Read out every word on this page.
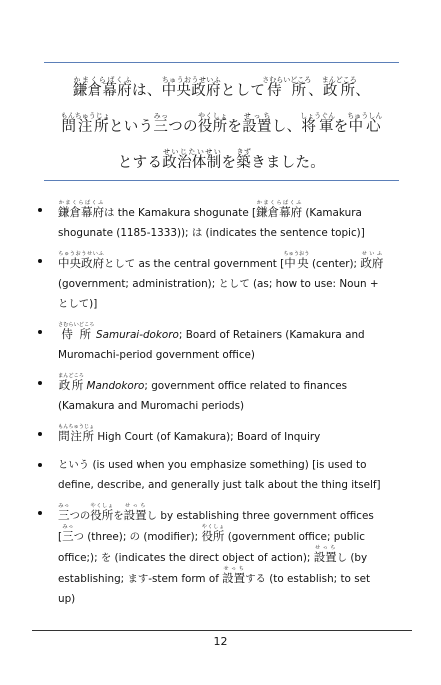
鎌倉幕府かまくらばくふは、中央政府ちゅうおうせいふとして侍所さむらいどころ、政所まんどころ、
問注所もんちゅうじょという三みっつの役所やくしょを設置せっちし、将軍しょうぐんを中心ちゅうしん
とする政治体制せいじたいせいを築きずきました。
鎌倉幕府かまくらばくふは the Kamakura shogunate [鎌倉幕府かまくらばくふ (Kamakura shogunate (1185-1333)); は (indicates the sentence topic)]
中央政府ちゅうおうせいふとして as the central government [中央ちゅうおう (center); 政府せいふ (government; administration); として (as; how to use: Noun + として)]
侍所さむらいどころ Samurai-dokoro; Board of Retainers (Kamakura and Muromachi-period government office)
政所まんどころ Mandokoro; government office related to finances (Kamakura and Muromachi periods)
問注所もんちゅうじょ High Court (of Kamakura); Board of Inquiry
という (is used when you emphasize something) [is used to define, describe, and generally just talk about the thing itself]
三みっつの役所やくしょを設置せっちし by establishing three government offices [三みっつ (three); の (modifier); 役所やくしょ (government office; public office;); を (indicates the direct object of action); 設置せっちし (by establishing; ます-stem form of 設置せっちする (to establish; to set up)
12
